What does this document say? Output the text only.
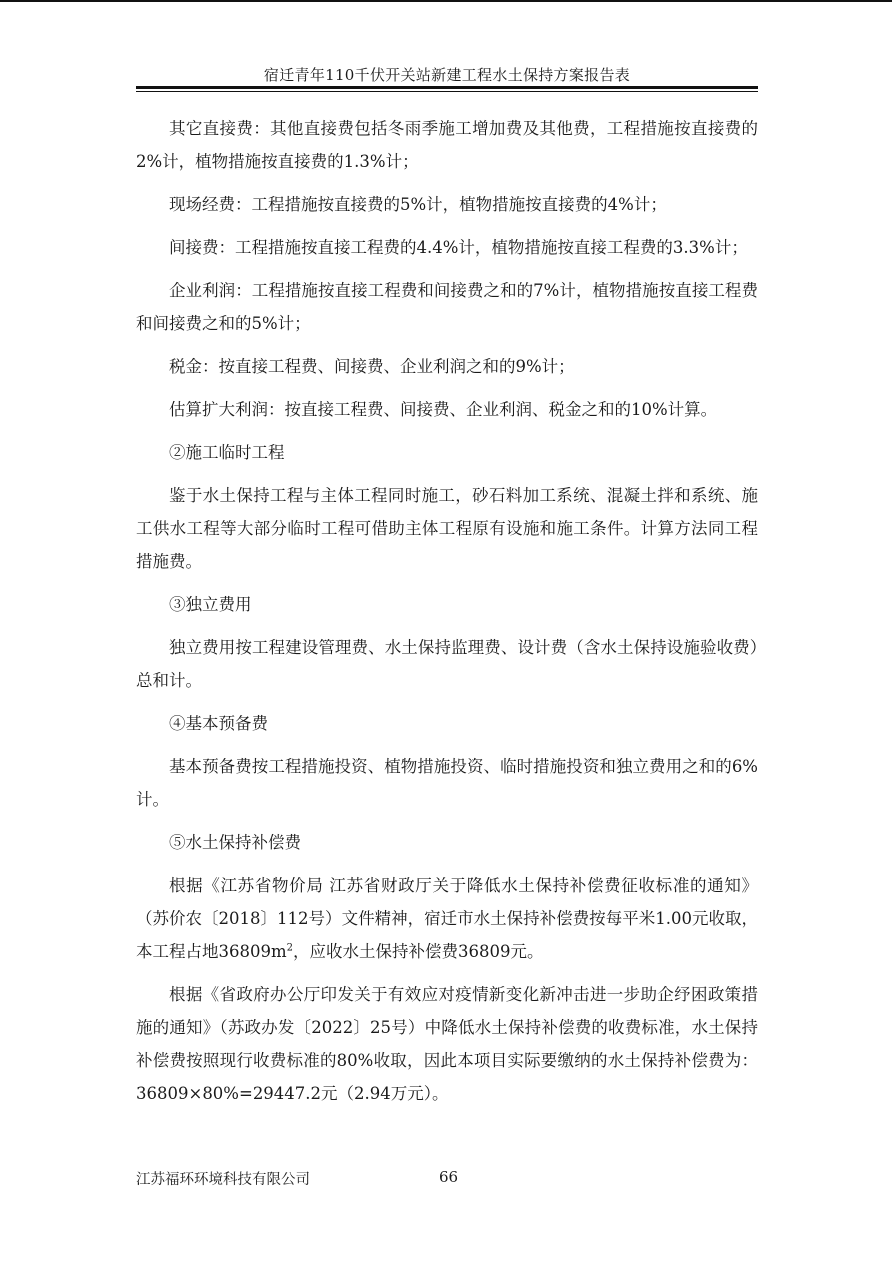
宿迁青年110千伏开关站新建工程水土保持方案报告表

其它直接费：其他直接费包括冬雨季施工增加费及其他费，工程措施按直接费的2%计，植物措施按直接费的1.3%计；

现场经费：工程措施按直接费的5%计，植物措施按直接费的4%计；

间接费：工程措施按直接工程费的4.4%计，植物措施按直接工程费的3.3%计；

企业利润：工程措施按直接工程费和间接费之和的7%计，植物措施按直接工程费和间接费之和的5%计；

税金：按直接工程费、间接费、企业利润之和的9%计；

估算扩大利润：按直接工程费、间接费、企业利润、税金之和的10%计算。

②施工临时工程

鉴于水土保持工程与主体工程同时施工，砂石料加工系统、混凝土拌和系统、施工供水工程等大部分临时工程可借助主体工程原有设施和施工条件。计算方法同工程措施费。

③独立费用

独立费用按工程建设管理费、水土保持监理费、设计费（含水土保持设施验收费）总和计。

④基本预备费

基本预备费按工程措施投资、植物措施投资、临时措施投资和独立费用之和的6%计。

⑤水土保持补偿费

根据《江苏省物价局 江苏省财政厅关于降低水土保持补偿费征收标准的通知》（苏价农〔2018〕112号）文件精神，宿迁市水土保持补偿费按每平米1.00元收取，本工程占地$36809m^2$，应收水土保持补偿费36809元。

根据《省政府办公厅印发关于有效应对疫情新变化新冲击进一步助企纾困政策措施的通知》（苏政办发〔2022〕25号）中降低水土保持补偿费的收费标准，水土保持补偿费按照现行收费标准的80%收取，因此本项目实际要缴纳的水土保持补偿费为：36809×80%=29447.2元（2.94万元）。

江苏福环环境科技有限公司	66
